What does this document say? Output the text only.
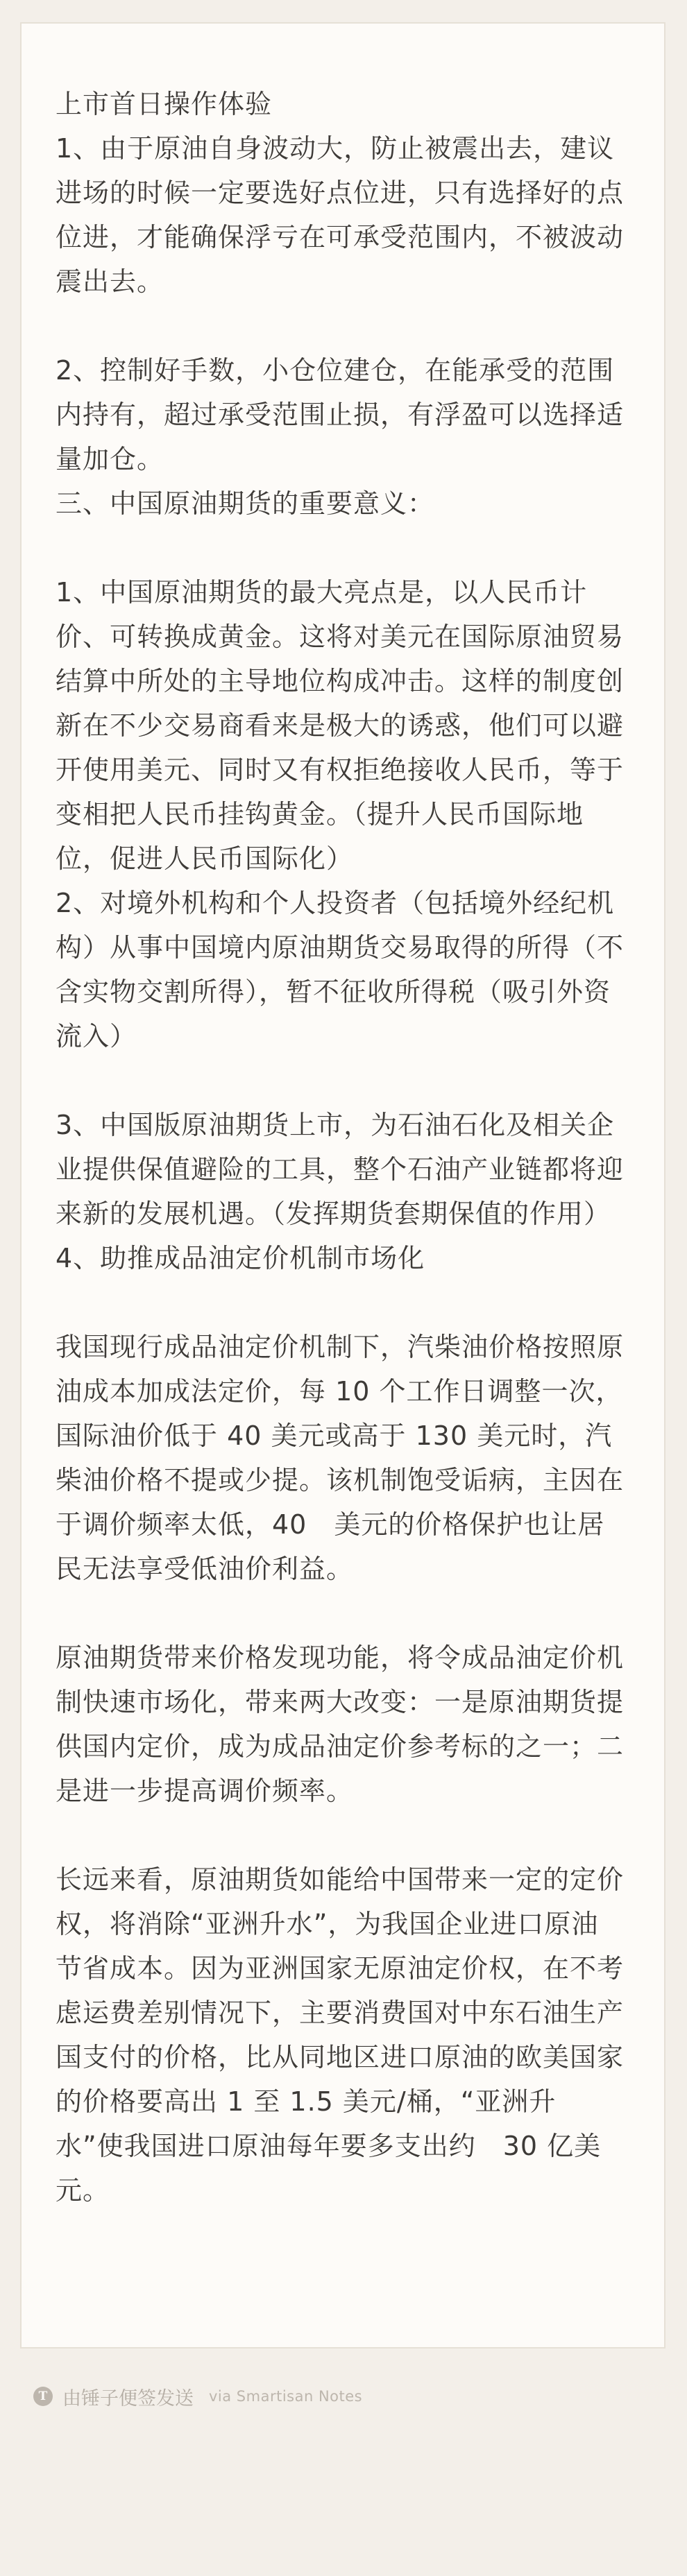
上市首日操作体验

1、由于原油自身波动大，防止被震出去，建议进场的时候一定要选好点位进，只有选择好的点位进，才能确保浮亏在可承受范围内，不被波动震出去。

2、控制好手数，小仓位建仓，在能承受的范围内持有，超过承受范围止损，有浮盈可以选择适量加仓。

三、中国原油期货的重要意义：

1、中国原油期货的最大亮点是，以人民币计价、可转换成黄金。这将对美元在国际原油贸易结算中所处的主导地位构成冲击。这样的制度创新在不少交易商看来是极大的诱惑，他们可以避开使用美元、同时又有权拒绝接收人民币，等于变相把人民币挂钩黄金。（提升人民币国际地位，促进人民币国际化）

2、对境外机构和个人投资者（包括境外经纪机构）从事中国境内原油期货交易取得的所得（不含实物交割所得），暂不征收所得税（吸引外资流入）

3、中国版原油期货上市，为石油石化及相关企业提供保值避险的工具，整个石油产业链都将迎来新的发展机遇。（发挥期货套期保值的作用）

4、助推成品油定价机制市场化

我国现行成品油定价机制下，汽柴油价格按照原油成本加成法定价，每 10 个工作日调整一次，国际油价低于 40 美元或高于 130 美元时，汽柴油价格不提或少提。该机制饱受诟病，主因在于调价频率太低，40　美元的价格保护也让居民无法享受低油价利益。

原油期货带来价格发现功能，将令成品油定价机制快速市场化，带来两大改变：一是原油期货提供国内定价，成为成品油定价参考标的之一；二是进一步提高调价频率。

长远来看，原油期货如能给中国带来一定的定价权，将消除“亚洲升水”，为我国企业进口原油节省成本。因为亚洲国家无原油定价权，在不考虑运费差别情况下，主要消费国对中东石油生产国支付的价格，比从同地区进口原油的欧美国家的价格要高出 1 至 1.5 美元/桶，“亚洲升水”使我国进口原油每年要多支出约　30 亿美元。

T 由锤子便签发送 via Smartisan Notes
